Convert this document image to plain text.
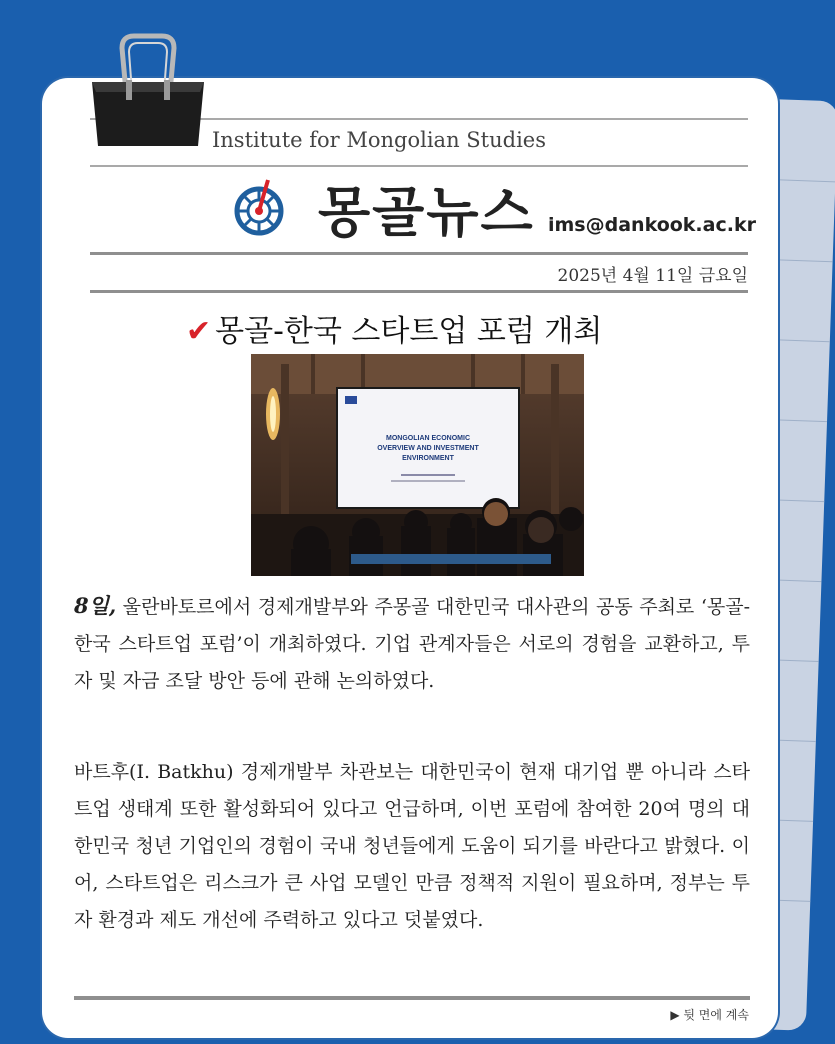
Institute for Mongolian Studies
몽골뉴스 ims@dankook.ac.kr
2025년 4월 11일 금요일
✔ 몽골-한국 스타트업 포럼 개최
MONGOLIAN ECONOMIC
OVERVIEW AND INVESTMENT
ENVIRONMENT

8일, 울란바토르에서 경제개발부와 주몽골 대한민국 대사관의 공동 주최로 ‘몽골-한국 스타트업 포럼’이 개최하였다. 기업 관계자들은 서로의 경험을 교환하고, 투자 및 자금 조달 방안 등에 관해 논의하였다.

바트후(I. Batkhu) 경제개발부 차관보는 대한민국이 현재 대기업 뿐 아니라 스타트업 생태계 또한 활성화되어 있다고 언급하며, 이번 포럼에 참여한 20여 명의 대한민국 청년 기업인의 경험이 국내 청년들에게 도움이 되기를 바란다고 밝혔다. 이어, 스타트업은 리스크가 큰 사업 모델인 만큼 정책적 지원이 필요하며, 정부는 투자 환경과 제도 개선에 주력하고 있다고 덧붙였다.

▶ 뒷 면에 계속
